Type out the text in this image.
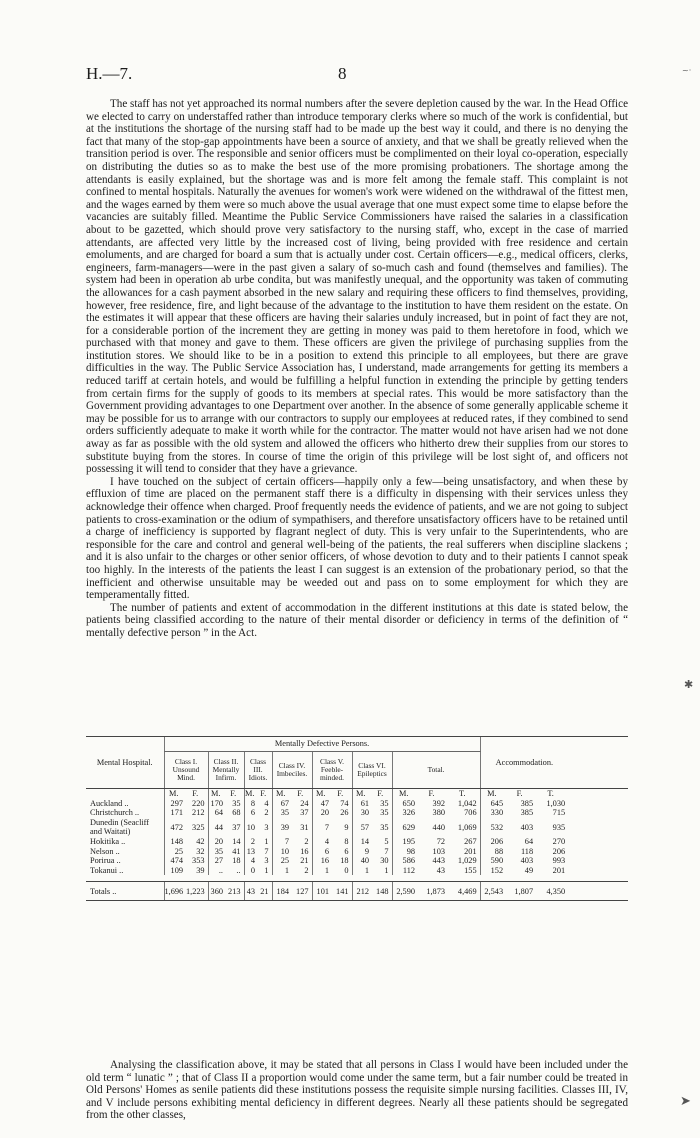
H.—7.	8

The staff has not yet approached its normal numbers after the severe depletion caused by the war. In the Head Office we elected to carry on understaffed rather than introduce temporary clerks where so much of the work is confidential, but at the institutions the shortage of the nursing staff had to be made up the best way it could, and there is no denying the fact that many of the stop-gap appointments have been a source of anxiety, and that we shall be greatly relieved when the transition period is over. The responsible and senior officers must be complimented on their loyal co-operation, especially on distributing the duties so as to make the best use of the more promising probationers. The shortage among the attendants is easily explained, but the shortage was and is more felt among the female staff. This complaint is not confined to mental hospitals. Naturally the avenues for women's work were widened on the withdrawal of the fittest men, and the wages earned by them were so much above the usual average that one must expect some time to elapse before the vacancies are suitably filled. Meantime the Public Service Commissioners have raised the salaries in a classification about to be gazetted, which should prove very satisfactory to the nursing staff, who, except in the case of married attendants, are affected very little by the increased cost of living, being provided with free residence and certain emoluments, and are charged for board a sum that is actually under cost. Certain officers—e.g., medical officers, clerks, engineers, farm-managers—were in the past given a salary of so-much cash and found (themselves and families). The system had been in operation ab urbe condita, but was manifestly unequal, and the opportunity was taken of commuting the allowances for a cash payment absorbed in the new salary and requiring these officers to find themselves, providing, however, free residence, fire, and light because of the advantage to the institution to have them resident on the estate. On the estimates it will appear that these officers are having their salaries unduly increased, but in point of fact they are not, for a considerable portion of the increment they are getting in money was paid to them heretofore in food, which we purchased with that money and gave to them. These officers are given the privilege of purchasing supplies from the institution stores. We should like to be in a position to extend this principle to all employees, but there are grave difficulties in the way. The Public Service Association has, I understand, made arrangements for getting its members a reduced tariff at certain hotels, and would be fulfilling a helpful function in extending the principle by getting tenders from certain firms for the supply of goods to its members at special rates. This would be more satisfactory than the Government providing advantages to one Department over another. In the absence of some generally applicable scheme it may be possible for us to arrange with our contractors to supply our employees at reduced rates, if they combined to send orders sufficiently adequate to make it worth while for the contractor. The matter would not have arisen had we not done away as far as possible with the old system and allowed the officers who hitherto drew their supplies from our stores to substitute buying from the stores. In course of time the origin of this privilege will be lost sight of, and officers not possessing it will tend to consider that they have a grievance.

I have touched on the subject of certain officers—happily only a few—being unsatisfactory, and when these by effluxion of time are placed on the permanent staff there is a difficulty in dispensing with their services unless they acknowledge their offence when charged. Proof frequently needs the evidence of patients, and we are not going to subject patients to cross-examination or the odium of sympathisers, and therefore unsatisfactory officers have to be retained until a charge of inefficiency is supported by flagrant neglect of duty. This is very unfair to the Superintendents, who are responsible for the care and control and general well-being of the patients, the real sufferers when discipline slackens ; and it is also unfair to the charges or other senior officers, of whose devotion to duty and to their patients I cannot speak too highly. In the interests of the patients the least I can suggest is an extension of the probationary period, so that the inefficient and otherwise unsuitable may be weeded out and pass on to some employment for which they are temperamentally fitted.

The number of patients and extent of accommodation in the different institutions at this date is stated below, the patients being classified according to the nature of their mental disorder or deficiency in terms of the definition of “ mentally defective person ” in the Act.

Mental Hospital.	Mentally Defective Persons.															Accommodation.			
	Class I. Unsound Mind.		Class II. Mentally Infirm.		Class III. Idiots.		Class IV. Imbeciles.		Class V. Feeble-minded.		Class VI. Epileptics		Total.						
	M.	F.	M.	F.	M.	F.	M.	F.	M.	F.	M.	F.	M.	F.	T.	M.	F.	T.	
Auckland ..	297	220	170	35	8	4	67	24	47	74	61	35	650	392	1,042	645	385	1,030	
Christchurch ..	171	212	64	68	6	2	35	37	20	26	30	35	326	380	706	330	385	715	
Dunedin (Seacliff and Waitati)	472	325	44	37	10	3	39	31	7	9	57	35	629	440	1,069	532	403	935	
Hokitika ..	148	42	20	14	2	1	7	2	4	8	14	5	195	72	267	206	64	270	
Nelson ..	25	32	35	41	13	7	10	16	6	6	9	7	98	103	201	88	118	206	
Porirua ..	474	353	27	18	4	3	25	21	16	18	40	30	586	443	1,029	590	403	993	
Tokanui ..	109	39	..	..	0	1	1	2	1	0	1	1	112	43	155	152	49	201	

Totals ..	1,696	1,223	360	213	43	21	184	127	101	141	212	148	2,590	1,873	4,469	2,543	1,807	4,350	

Analysing the classification above, it may be stated that all persons in Class I would have been included under the old term “ lunatic ” ; that of Class II a proportion would come under the same term, but a fair number could be treated in Old Persons' Homes as senile patients did these institutions possess the requisite simple nursing facilities. Classes III, IV, and V include persons exhibiting mental deficiency in different degrees. Nearly all these patients should be segregated from the other classes,

~·
✱
➤
